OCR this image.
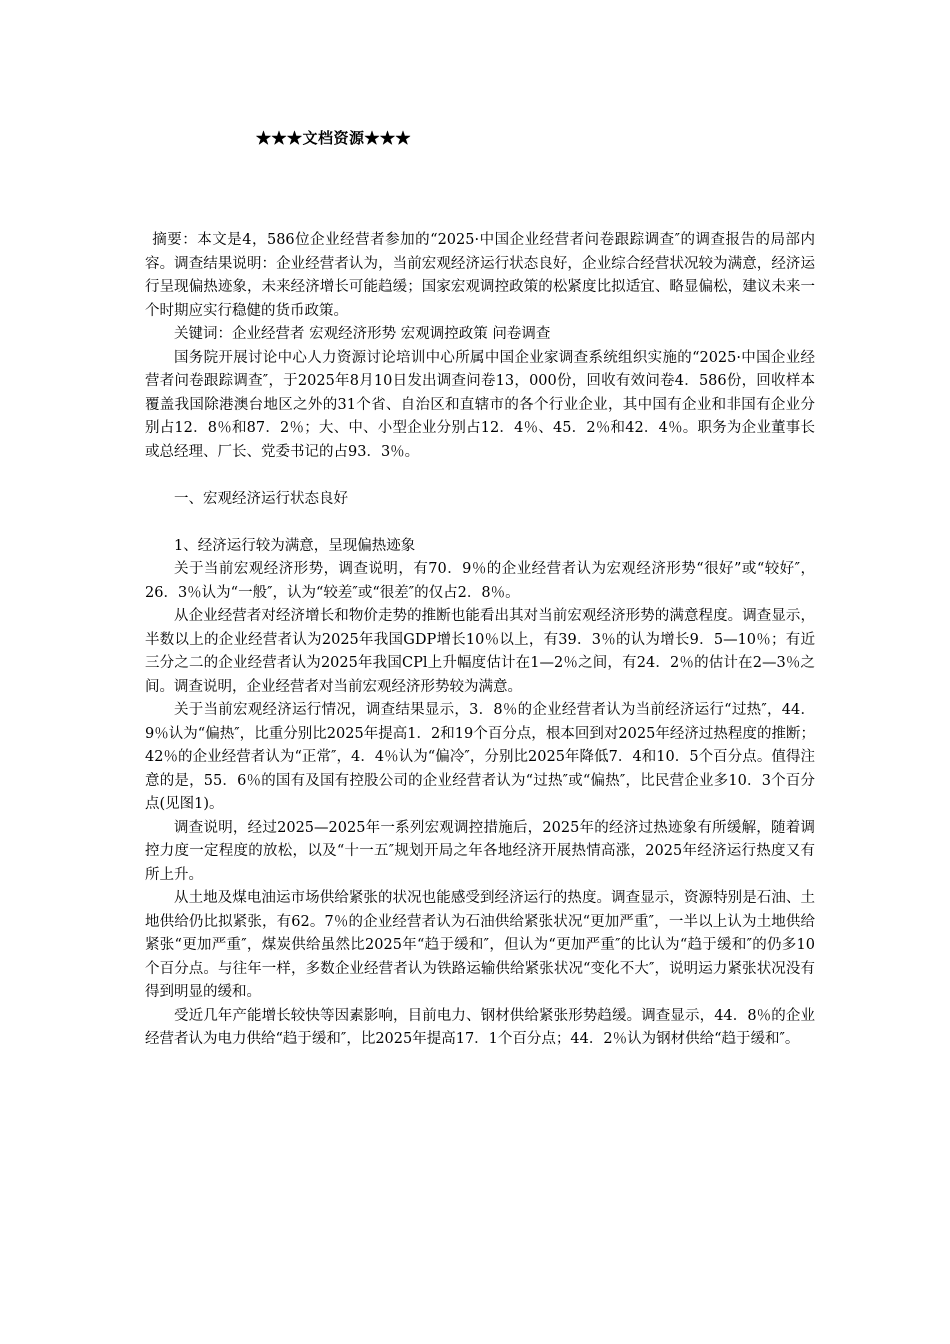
★★★文档资源★★★

摘要：本文是4，586位企业经营者参加的“2025·中国企业经营者问卷跟踪调查″的调查报告的局部内容。调查结果说明：企业经营者认为，当前宏观经济运行状态良好，企业综合经营状况较为满意，经济运行呈现偏热迹象，未来经济增长可能趋缓；国家宏观调控政策的松紧度比拟适宜、略显偏松，建议未来一个时期应实行稳健的货币政策。

关键词：企业经营者 宏观经济形势 宏观调控政策 问卷调查

国务院开展讨论中心人力资源讨论培训中心所属中国企业家调查系统组织实施的“2025·中国企业经营者问卷跟踪调查″，于2025年8月10日发出调查问卷13，000份，回收有效问卷4．586份，回收样本覆盖我国除港澳台地区之外的31个省、自治区和直辖市的各个行业企业，其中国有企业和非国有企业分别占12．8％和87．2％；大、中、小型企业分别占12．4％、45．2％和42．4％。职务为企业董事长或总经理、厂长、党委书记的占93．3％。

一、宏观经济运行状态良好

1、经济运行较为满意，呈现偏热迹象

关于当前宏观经济形势，调查说明，有70．9％的企业经营者认为宏观经济形势“很好”或“较好″，26．3％认为“一般″，认为“较差″或“很差″的仅占2．8％。

从企业经营者对经济增长和物价走势的推断也能看出其对当前宏观经济形势的满意程度。调查显示，半数以上的企业经营者认为2025年我国GDP增长10％以上，有39．3％的认为增长9．5—10％；有近三分之二的企业经营者认为2025年我国CPl上升幅度估计在1—2％之间，有24．2％的估计在2—3％之间。调查说明，企业经营者对当前宏观经济形势较为满意。

关于当前宏观经济运行情况，调查结果显示，3．8％的企业经营者认为当前经济运行“过热″，44．9％认为“偏热″，比重分别比2025年提高1．2和19个百分点，根本回到对2025年经济过热程度的推断；42％的企业经营者认为“正常″，4．4％认为“偏冷″，分别比2025年降低7．4和10．5个百分点。值得注意的是，55．6％的国有及国有控股公司的企业经营者认为“过热″或“偏热″，比民营企业多10．3个百分点(见图1)。

调查说明，经过2025—2025年一系列宏观调控措施后，2025年的经济过热迹象有所缓解，随着调控力度一定程度的放松，以及“十一五″规划开局之年各地经济开展热情高涨，2025年经济运行热度又有所上升。

从土地及煤电油运市场供给紧张的状况也能感受到经济运行的热度。调查显示，资源特别是石油、土地供给仍比拟紧张，有62。7％的企业经营者认为石油供给紧张状况“更加严重″，一半以上认为土地供给紧张“更加严重″，煤炭供给虽然比2025年“趋于缓和″，但认为“更加严重″的比认为“趋于缓和″的仍多10个百分点。与往年一样，多数企业经营者认为铁路运输供给紧张状况“变化不大″，说明运力紧张状况没有得到明显的缓和。

受近几年产能增长较快等因素影响，目前电力、钢材供给紧张形势趋缓。调查显示，44．8％的企业经营者认为电力供给“趋于缓和″，比2025年提高17．1个百分点；44．2％认为钢材供给“趋于缓和″。
